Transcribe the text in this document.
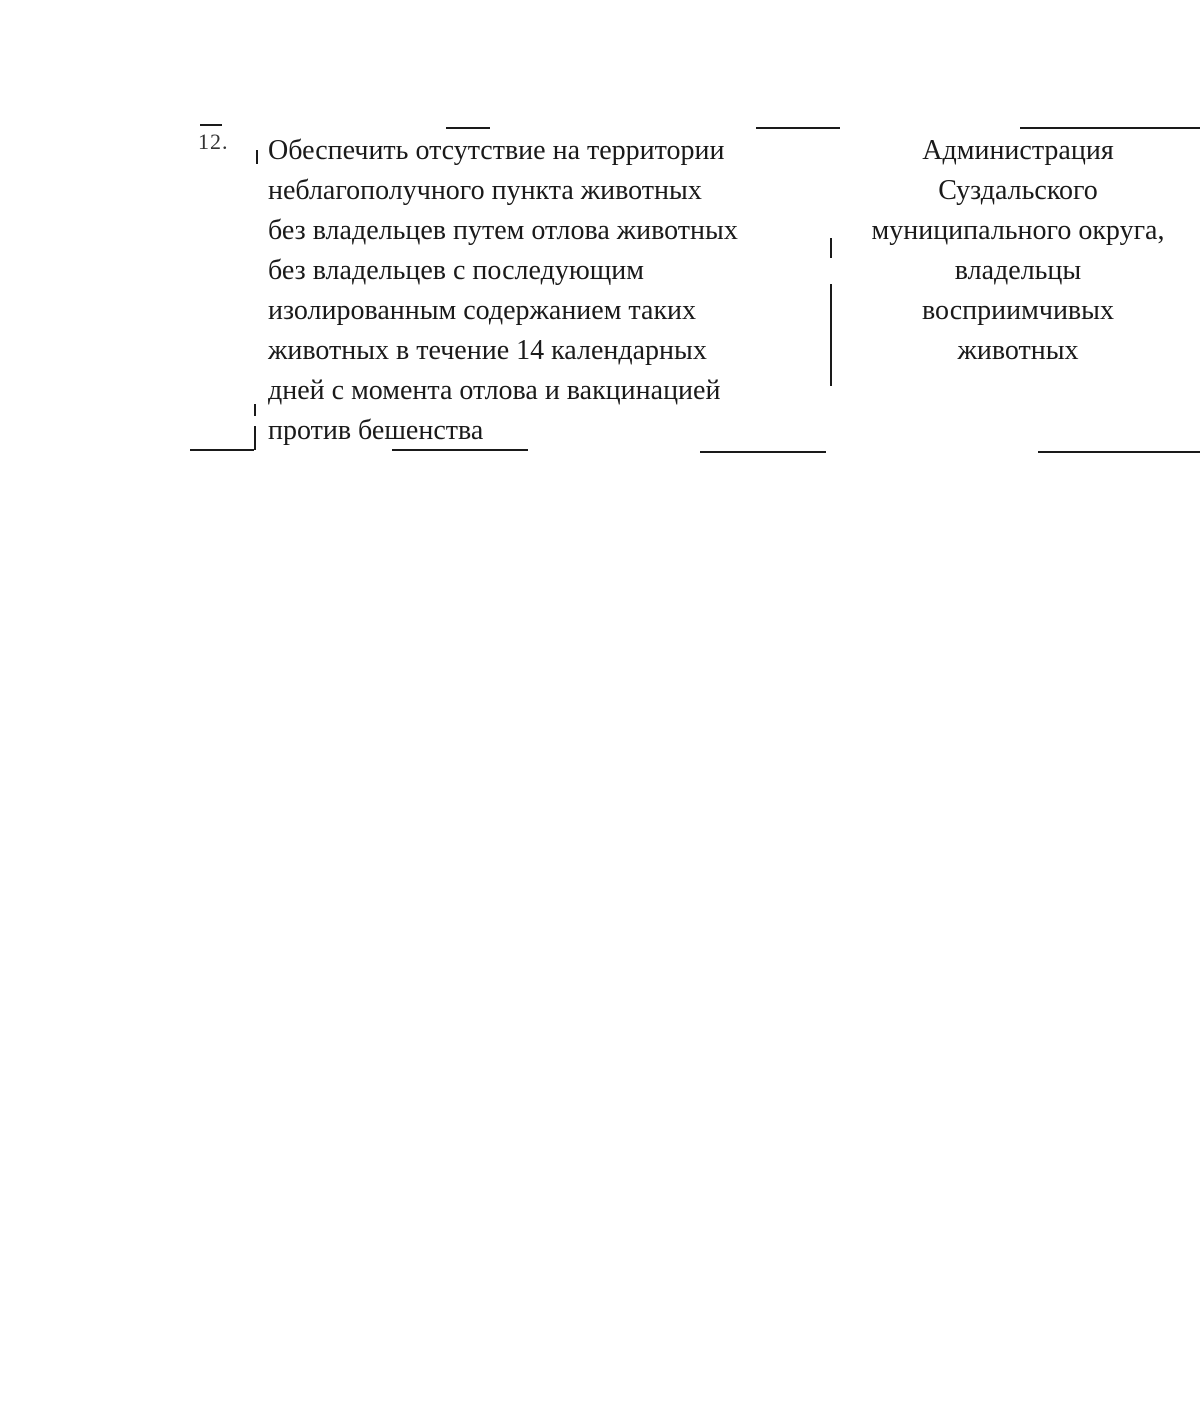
12. Обеспечить отсутствие на территории
неблагополучного пункта животных
без владельцев путем отлова животных
без владельцев с последующим
изолированным содержанием таких
животных в течение 14 календарных
дней с момента отлова и вакцинацией
против бешенства
Администрация
Суздальского
муниципального округа,
владельцы
восприимчивых
животных
